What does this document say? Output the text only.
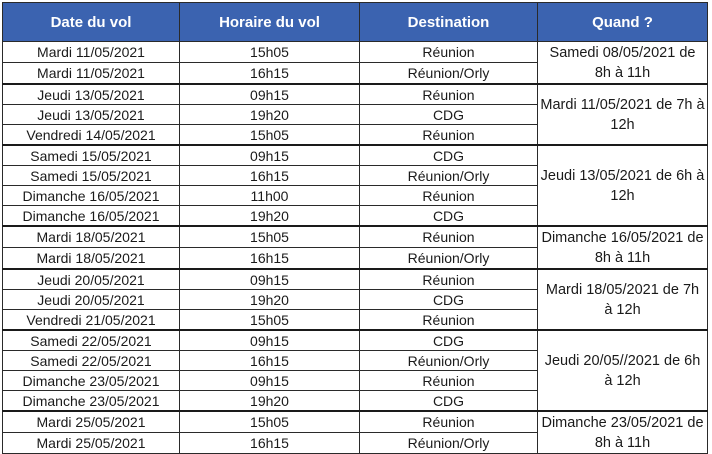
Date du vol	Horaire du vol	Destination	Quand ?
Mardi 11/05/2021	15h05	Réunion	Samedi 08/05/2021 de 8h à 11h
Mardi 11/05/2021	16h15	Réunion/Orly	
Jeudi 13/05/2021	09h15	Réunion	Mardi 11/05/2021 de 7h à 12h
Jeudi 13/05/2021	19h20	CDG	
Vendredi 14/05/2021	15h05	Réunion	
Samedi 15/05/2021	09h15	CDG	Jeudi 13/05/2021 de 6h à 12h
Samedi 15/05/2021	16h15	Réunion/Orly	
Dimanche 16/05/2021	11h00	Réunion	
Dimanche 16/05/2021	19h20	CDG	
Mardi 18/05/2021	15h05	Réunion	Dimanche 16/05/2021 de 8h à 11h
Mardi 18/05/2021	16h15	Réunion/Orly	
Jeudi 20/05/2021	09h15	Réunion	Mardi 18/05/2021 de 7h à 12h
Jeudi 20/05/2021	19h20	CDG	
Vendredi 21/05/2021	15h05	Réunion	
Samedi 22/05/2021	09h15	CDG	Jeudi 20/05//2021 de 6h à 12h
Samedi 22/05/2021	16h15	Réunion/Orly	
Dimanche 23/05/2021	09h15	Réunion	
Dimanche 23/05/2021	19h20	CDG	
Mardi 25/05/2021	15h05	Réunion	Dimanche 23/05/2021 de 8h à 11h
Mardi 25/05/2021	16h15	Réunion/Orly	
